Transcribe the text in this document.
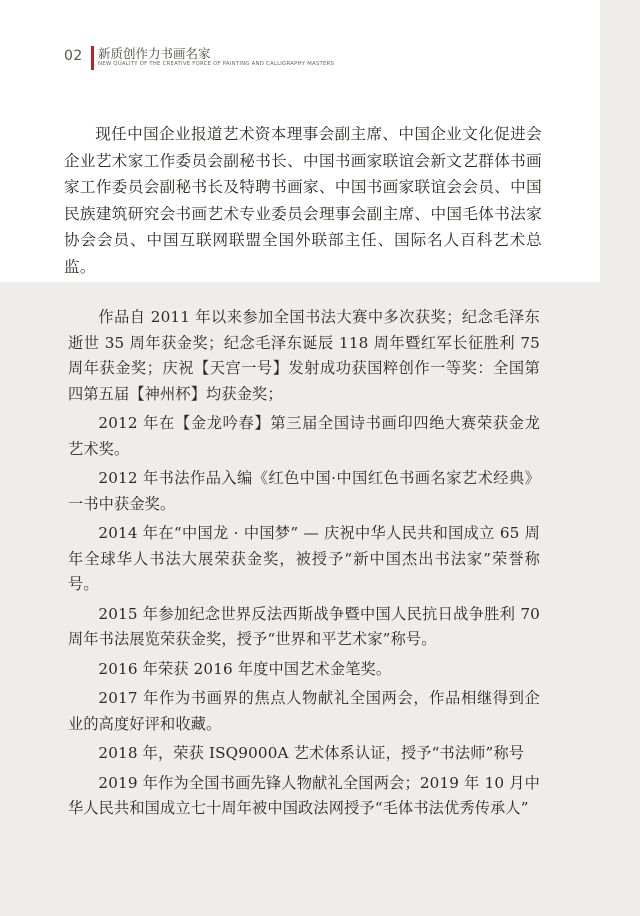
02 新质创作力书画名家
NEW QUALITY OF THE CREATIVE FORCE OF PAINTING AND CALLIGRAPHY MASTERS

现任中国企业报道艺术资本理事会副主席、中国企业文化促进会企业艺术家工作委员会副秘书长、中国书画家联谊会新文艺群体书画家工作委员会副秘书长及特聘书画家、中国书画家联谊会会员、中国民族建筑研究会书画艺术专业委员会理事会副主席、中国毛体书法家协会会员、中国互联网联盟全国外联部主任、国际名人百科艺术总监。

作品自 2011 年以来参加全国书法大赛中多次获奖；纪念毛泽东逝世 35 周年获金奖；纪念毛泽东诞辰 118 周年暨红军长征胜利 75 周年获金奖；庆祝【天宫一号】发射成功获国粹创作一等奖：全国第四第五届【神州杯】均获金奖；
2012 年在【金龙吟春】第三届全国诗书画印四绝大赛荣获金龙艺术奖。
2012 年书法作品入编《红色中国·中国红色书画名家艺术经典》一书中获金奖。
2014 年在“中国龙 · 中国梦” — 庆祝中华人民共和国成立 65 周年全球华人书法大展荣获金奖，被授予“新中国杰出书法家”荣誉称号。
2015 年参加纪念世界反法西斯战争暨中国人民抗日战争胜利 70 周年书法展览荣获金奖，授予“世界和平艺术家”称号。
2016 年荣获 2016 年度中国艺术金笔奖。
2017 年作为书画界的焦点人物献礼全国两会，作品相继得到企业的高度好评和收藏。
2018 年，荣获 ISQ9000A 艺术体系认证，授予“书法师”称号
2019 年作为全国书画先锋人物献礼全国两会；2019 年 10 月中华人民共和国成立七十周年被中国政法网授予“毛体书法优秀传承人”
